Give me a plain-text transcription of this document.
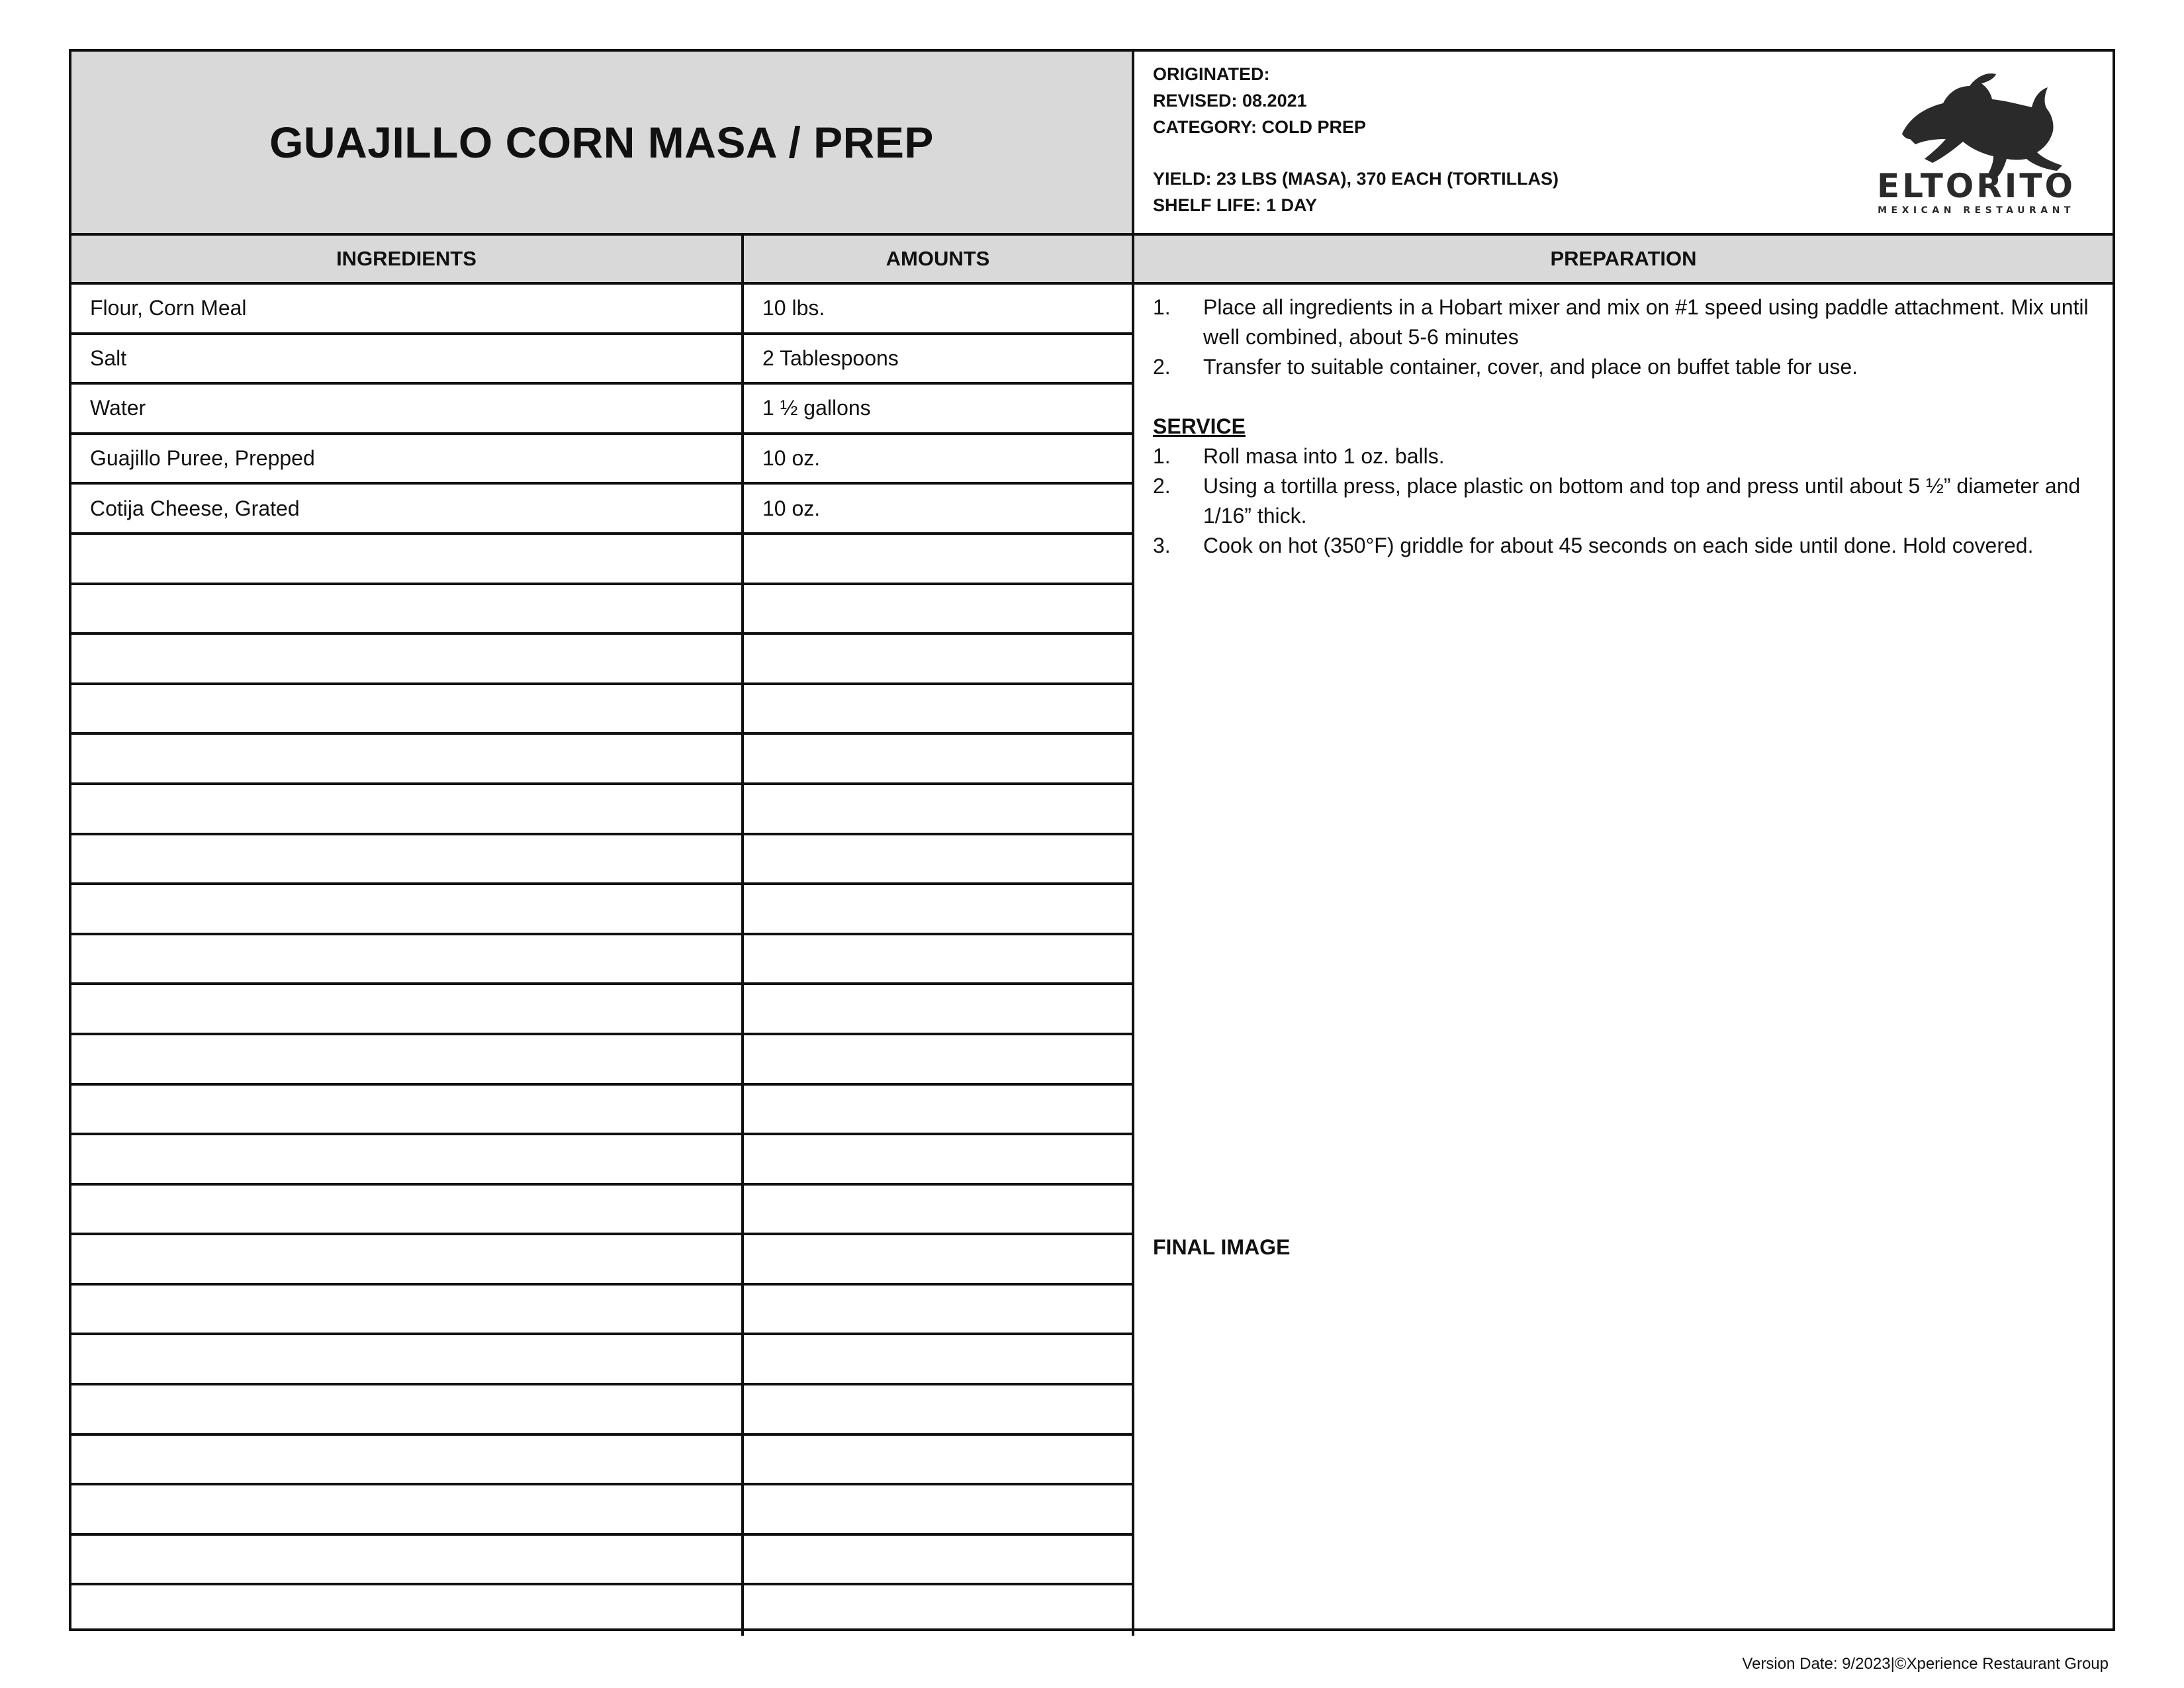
GUAJILLO CORN MASA / PREP
ORIGINATED:
REVISED: 08.2021
CATEGORY: COLD PREP
YIELD: 23 LBS (MASA), 370 EACH (TORTILLAS)
SHELF LIFE: 1 DAY	ELTORITO
MEXICAN RESTAURANT
INGREDIENTS	AMOUNTS	PREPARATION
Flour, Corn Meal	10 lbs.
Salt	2 Tablespoons
Water	1 ½ gallons
Guajillo Puree, Prepped	10 oz.
Cotija Cheese, Grated	10 oz.
1.	Place all ingredients in a Hobart mixer and mix on #1 speed using paddle attachment. Mix until well combined, about 5-6 minutes
2.	Transfer to suitable container, cover, and place on buffet table for use.
SERVICE
1.	Roll masa into 1 oz. balls.
2.	Using a tortilla press, place plastic on bottom and top and press until about 5 ½” diameter and 1/16” thick.
3.	Cook on hot (350°F) griddle for about 45 seconds on each side until done. Hold covered.
FINAL IMAGE
Version Date: 9/2023|©Xperience Restaurant Group
